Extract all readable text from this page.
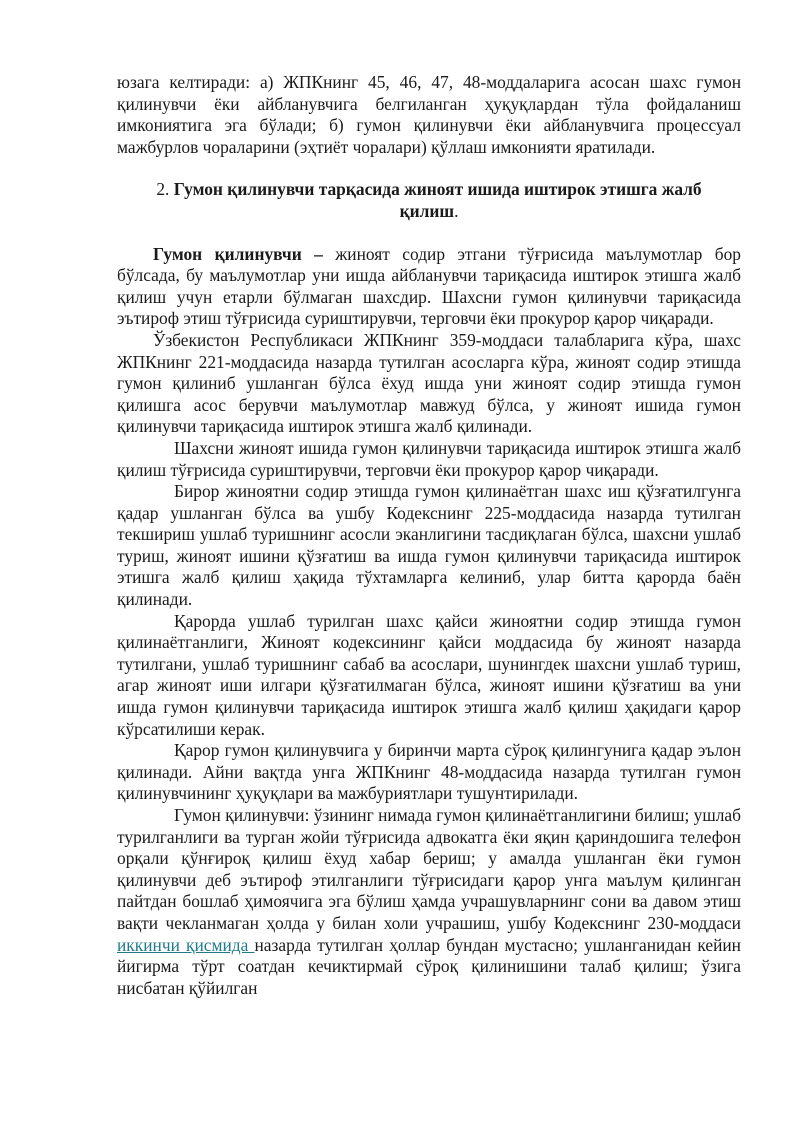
юзага келтиради: а) ЖПКнинг 45, 46, 47, 48-моддаларига асосан шахс гумон қилинувчи ёки айбланувчига белгиланган ҳуқуқлардан тўла фойдаланиш имкониятига эга бўлади; б) гумон қилинувчи ёки айбланувчига процессуал мажбурлов чораларини (эҳтиёт чоралари) қўллаш имконияти яратилади.

2. Гумон қилинувчи тарқасида жиноят ишида иштирок этишга жалб қилиш.

Гумон қилинувчи – жиноят содир этгани тўғрисида маълумотлар бор бўлсада, бу маълумотлар уни ишда айбланувчи тариқасида иштирок этишга жалб қилиш учун етарли бўлмаган шахсдир. Шахсни гумон қилинувчи тариқасида эътироф этиш тўғрисида суриштирувчи, терговчи ёки прокурор қарор чиқаради.

Ўзбекистон Республикаси ЖПКнинг 359-моддаси талабларига кўра, шахс ЖПКнинг 221-моддасида назарда тутилган асосларга кўра, жиноят содир этишда гумон қилиниб ушланган бўлса ёхуд ишда уни жиноят содир этишда гумон қилишга асос берувчи маълумотлар мавжуд бўлса, у жиноят ишида гумон қилинувчи тариқасида иштирок этишга жалб қилинади.

Шахсни жиноят ишида гумон қилинувчи тариқасида иштирок этишга жалб қилиш тўғрисида суриштирувчи, терговчи ёки прокурор қарор чиқаради.

Бирор жиноятни содир этишда гумон қилинаётган шахс иш қўзғатилгунга қадар ушланган бўлса ва ушбу Кодекснинг 225-моддасида назарда тутилган текшириш ушлаб туришнинг асосли эканлигини тасдиқлаган бўлса, шахсни ушлаб туриш, жиноят ишини қўзғатиш ва ишда гумон қилинувчи тариқасида иштирок этишга жалб қилиш ҳақида тўхтамларга келиниб, улар битта қарорда баён қилинади.

Қарорда ушлаб турилган шахс қайси жиноятни содир этишда гумон қилинаётганлиги, Жиноят кодексининг қайси моддасида бу жиноят назарда тутилгани, ушлаб туришнинг сабаб ва асослари, шунингдек шахсни ушлаб туриш, агар жиноят иши илгари қўзғатилмаган бўлса, жиноят ишини қўзғатиш ва уни ишда гумон қилинувчи тариқасида иштирок этишга жалб қилиш ҳақидаги қарор кўрсатилиши керак.

Қарор гумон қилинувчига у биринчи марта сўроқ қилингунига қадар эълон қилинади. Айни вақтда унга ЖПКнинг 48-моддасида назарда тутилган гумон қилинувчининг ҳуқуқлари ва мажбуриятлари тушунтирилади.

Гумон қилинувчи: ўзининг нимада гумон қилинаётганлигини билиш; ушлаб турилганлиги ва турган жойи тўғрисида адвокатга ёки яқин қариндошига телефон орқали қўнғироқ қилиш ёхуд хабар бериш; у амалда ушланган ёки гумон қилинувчи деб эътироф этилганлиги тўғрисидаги қарор унга маълум қилинган пайтдан бошлаб ҳимоячига эга бўлиш ҳамда учрашувларнинг сони ва давом этиш вақти чекланмаган ҳолда у билан холи учрашиш, ушбу Кодекснинг 230-моддаси иккинчи қисмида назарда тутилган ҳоллар бундан мустасно; ушланганидан кейин йигирма тўрт соатдан кечиктирмай сўроқ қилинишини талаб қилиш; ўзига нисбатан қўйилган
